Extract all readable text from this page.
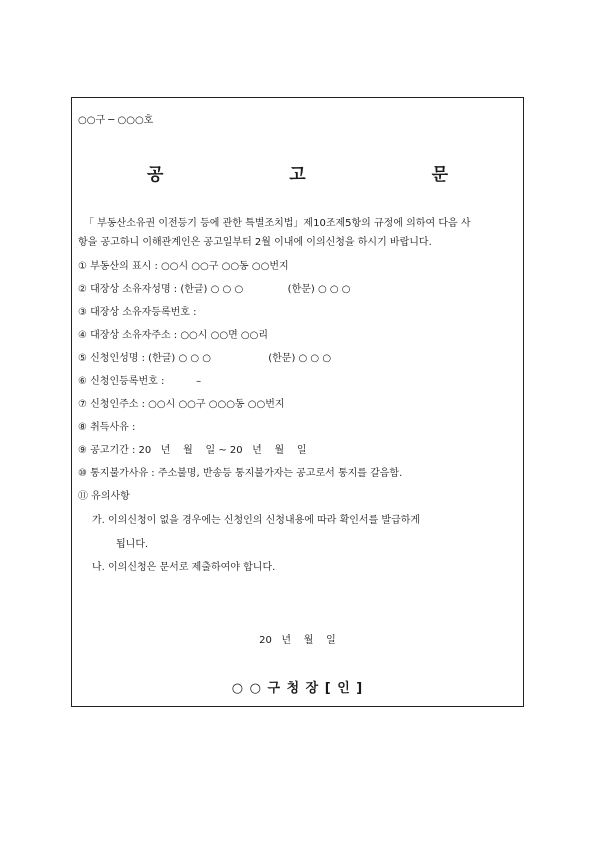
○○구 ─ ○○○호
공 고 문
「 부동산소유권 이전등기 등에 관한 특별조치법」제10조제5항의 규정에 의하여 다음 사
항을 공고하니 이해관계인은 공고일부터 2월 이내에 이의신청을 하시기 바랍니다.
① 부동산의 표시 : ○○시 ○○구 ○○동 ○○번지
② 대장상 소유자성명 : (한글) ○ ○ ○              (한문) ○ ○ ○
③ 대장상 소유자등록번호 :
④ 대장상 소유자주소 : ○○시 ○○면 ○○리
⑤ 신청인성명 : (한글) ○ ○ ○                  (한문) ○ ○ ○
⑥ 신청인등록번호 :          –
⑦ 신청인주소 : ○○시 ○○구 ○○○동 ○○번지
⑧ 취득사유 :
⑨ 공고기간 : 20   년    월    일 ~ 20   년    월    일
⑩ 통지불가사유 : 주소불명, 반송등 통지불가자는 공고로서 통지를 갈음함.
⑪ 유의사항
가. 이의신청이 없을 경우에는 신청인의 신청내용에 따라 확인서를 발급하게
됩니다.
나. 이의신청은 문서로 제출하여야 합니다.
20   년    월    일
○ ○ 구 청 장 [ 인 ]
